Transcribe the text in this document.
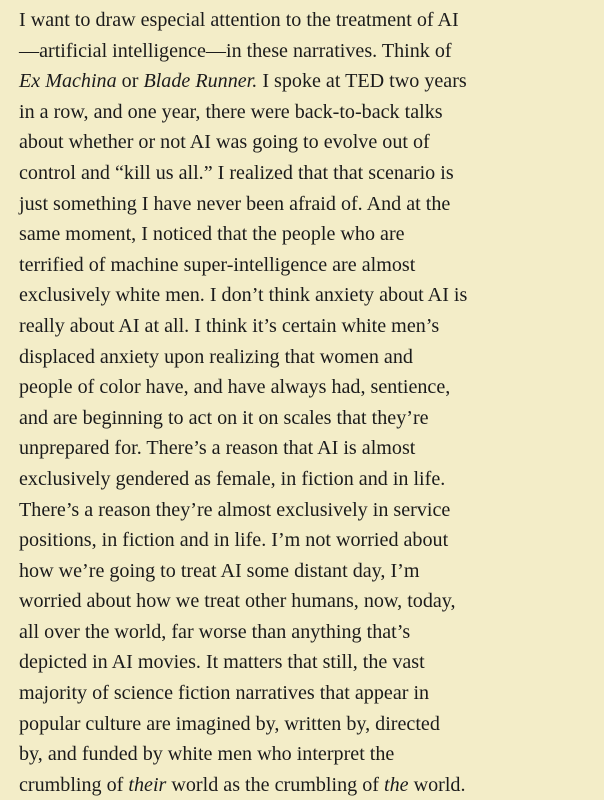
I want to draw especial attention to the treatment of AI
—artificial intelligence—in these narratives. Think of
Ex Machina or Blade Runner. I spoke at TED two years
in a row, and one year, there were back-to-back talks
about whether or not AI was going to evolve out of
control and “kill us all.” I realized that that scenario is
just something I have never been afraid of. And at the
same moment, I noticed that the people who are
terrified of machine super-intelligence are almost
exclusively white men. I don’t think anxiety about AI is
really about AI at all. I think it’s certain white men’s
displaced anxiety upon realizing that women and
people of color have, and have always had, sentience,
and are beginning to act on it on scales that they’re
unprepared for. There’s a reason that AI is almost
exclusively gendered as female, in fiction and in life.
There’s a reason they’re almost exclusively in service
positions, in fiction and in life. I’m not worried about
how we’re going to treat AI some distant day, I’m
worried about how we treat other humans, now, today,
all over the world, far worse than anything that’s
depicted in AI movies. It matters that still, the vast
majority of science fiction narratives that appear in
popular culture are imagined by, written by, directed
by, and funded by white men who interpret the
crumbling of their world as the crumbling of the world.
